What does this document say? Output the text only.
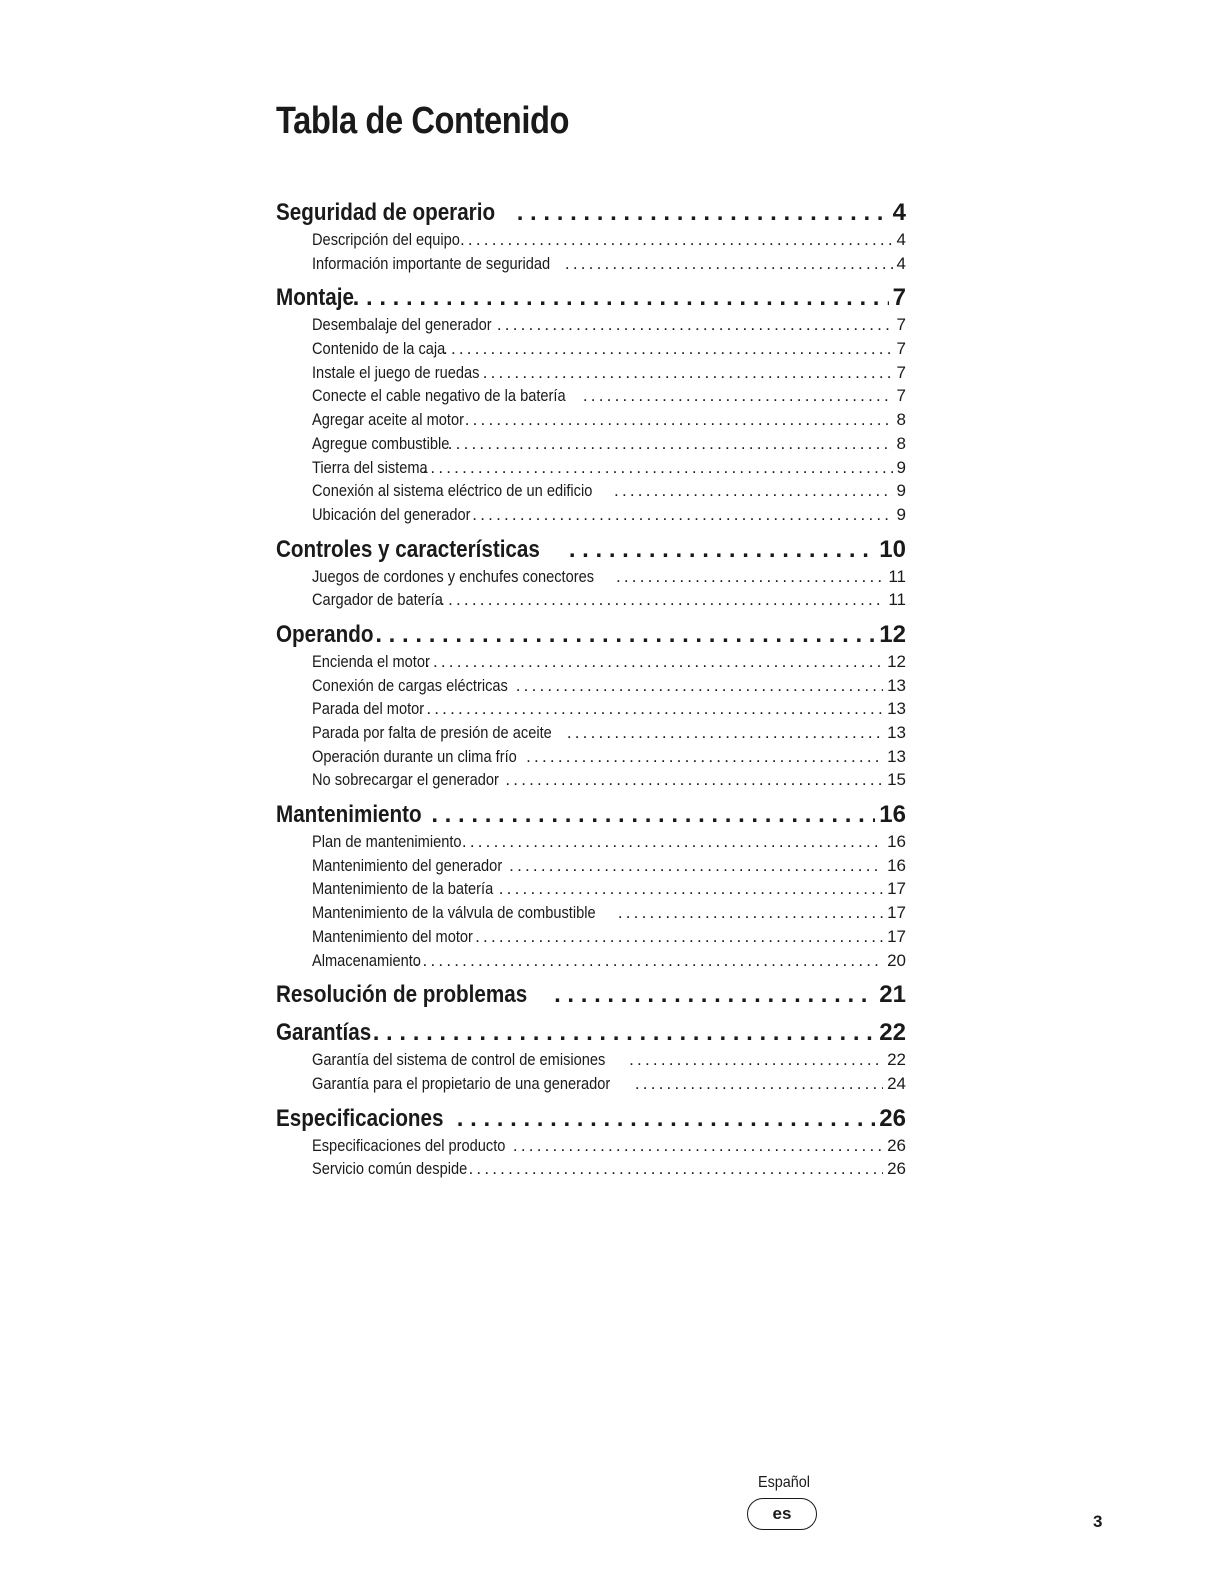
Tabla de Contenido
Seguridad de operario . . .	4
Descripción del equipo .....	4
Información importante de seguridad .....	4
Montaje . . .	7
Desembalaje del generador .....	7
Contenido de la caja .....	7
Instale el juego de ruedas .....	7
Conecte el cable negativo de la batería .....	7
Agregar aceite al motor .....	8
Agregue combustible .....	8
Tierra del sistema .....	9
Conexión al sistema eléctrico de un edificio .....	9
Ubicación del generador .....	9
Controles y características . . .	10
Juegos de cordones y enchufes conectores .....	11
Cargador de batería .....	11
Operando . . .	12
Encienda el motor .....	12
Conexión de cargas eléctricas .....	13
Parada del motor .....	13
Parada por falta de presión de aceite .....	13
Operación durante un clima frío .....	13
No sobrecargar el generador .....	15
Mantenimiento . . .	16
Plan de mantenimiento .....	16
Mantenimiento del generador .....	16
Mantenimiento de la batería .....	17
Mantenimiento de la válvula de combustible .....	17
Mantenimiento del motor .....	17
Almacenamiento .....	20
Resolución de problemas . . .	21
Garantías . . .	22
Garantía del sistema de control de emisiones .....	22
Garantía para el propietario de una generador .....	24
Especificaciones . . .	26
Especificaciones del producto .....	26
Servicio común despide .....	26
Español
es	3
